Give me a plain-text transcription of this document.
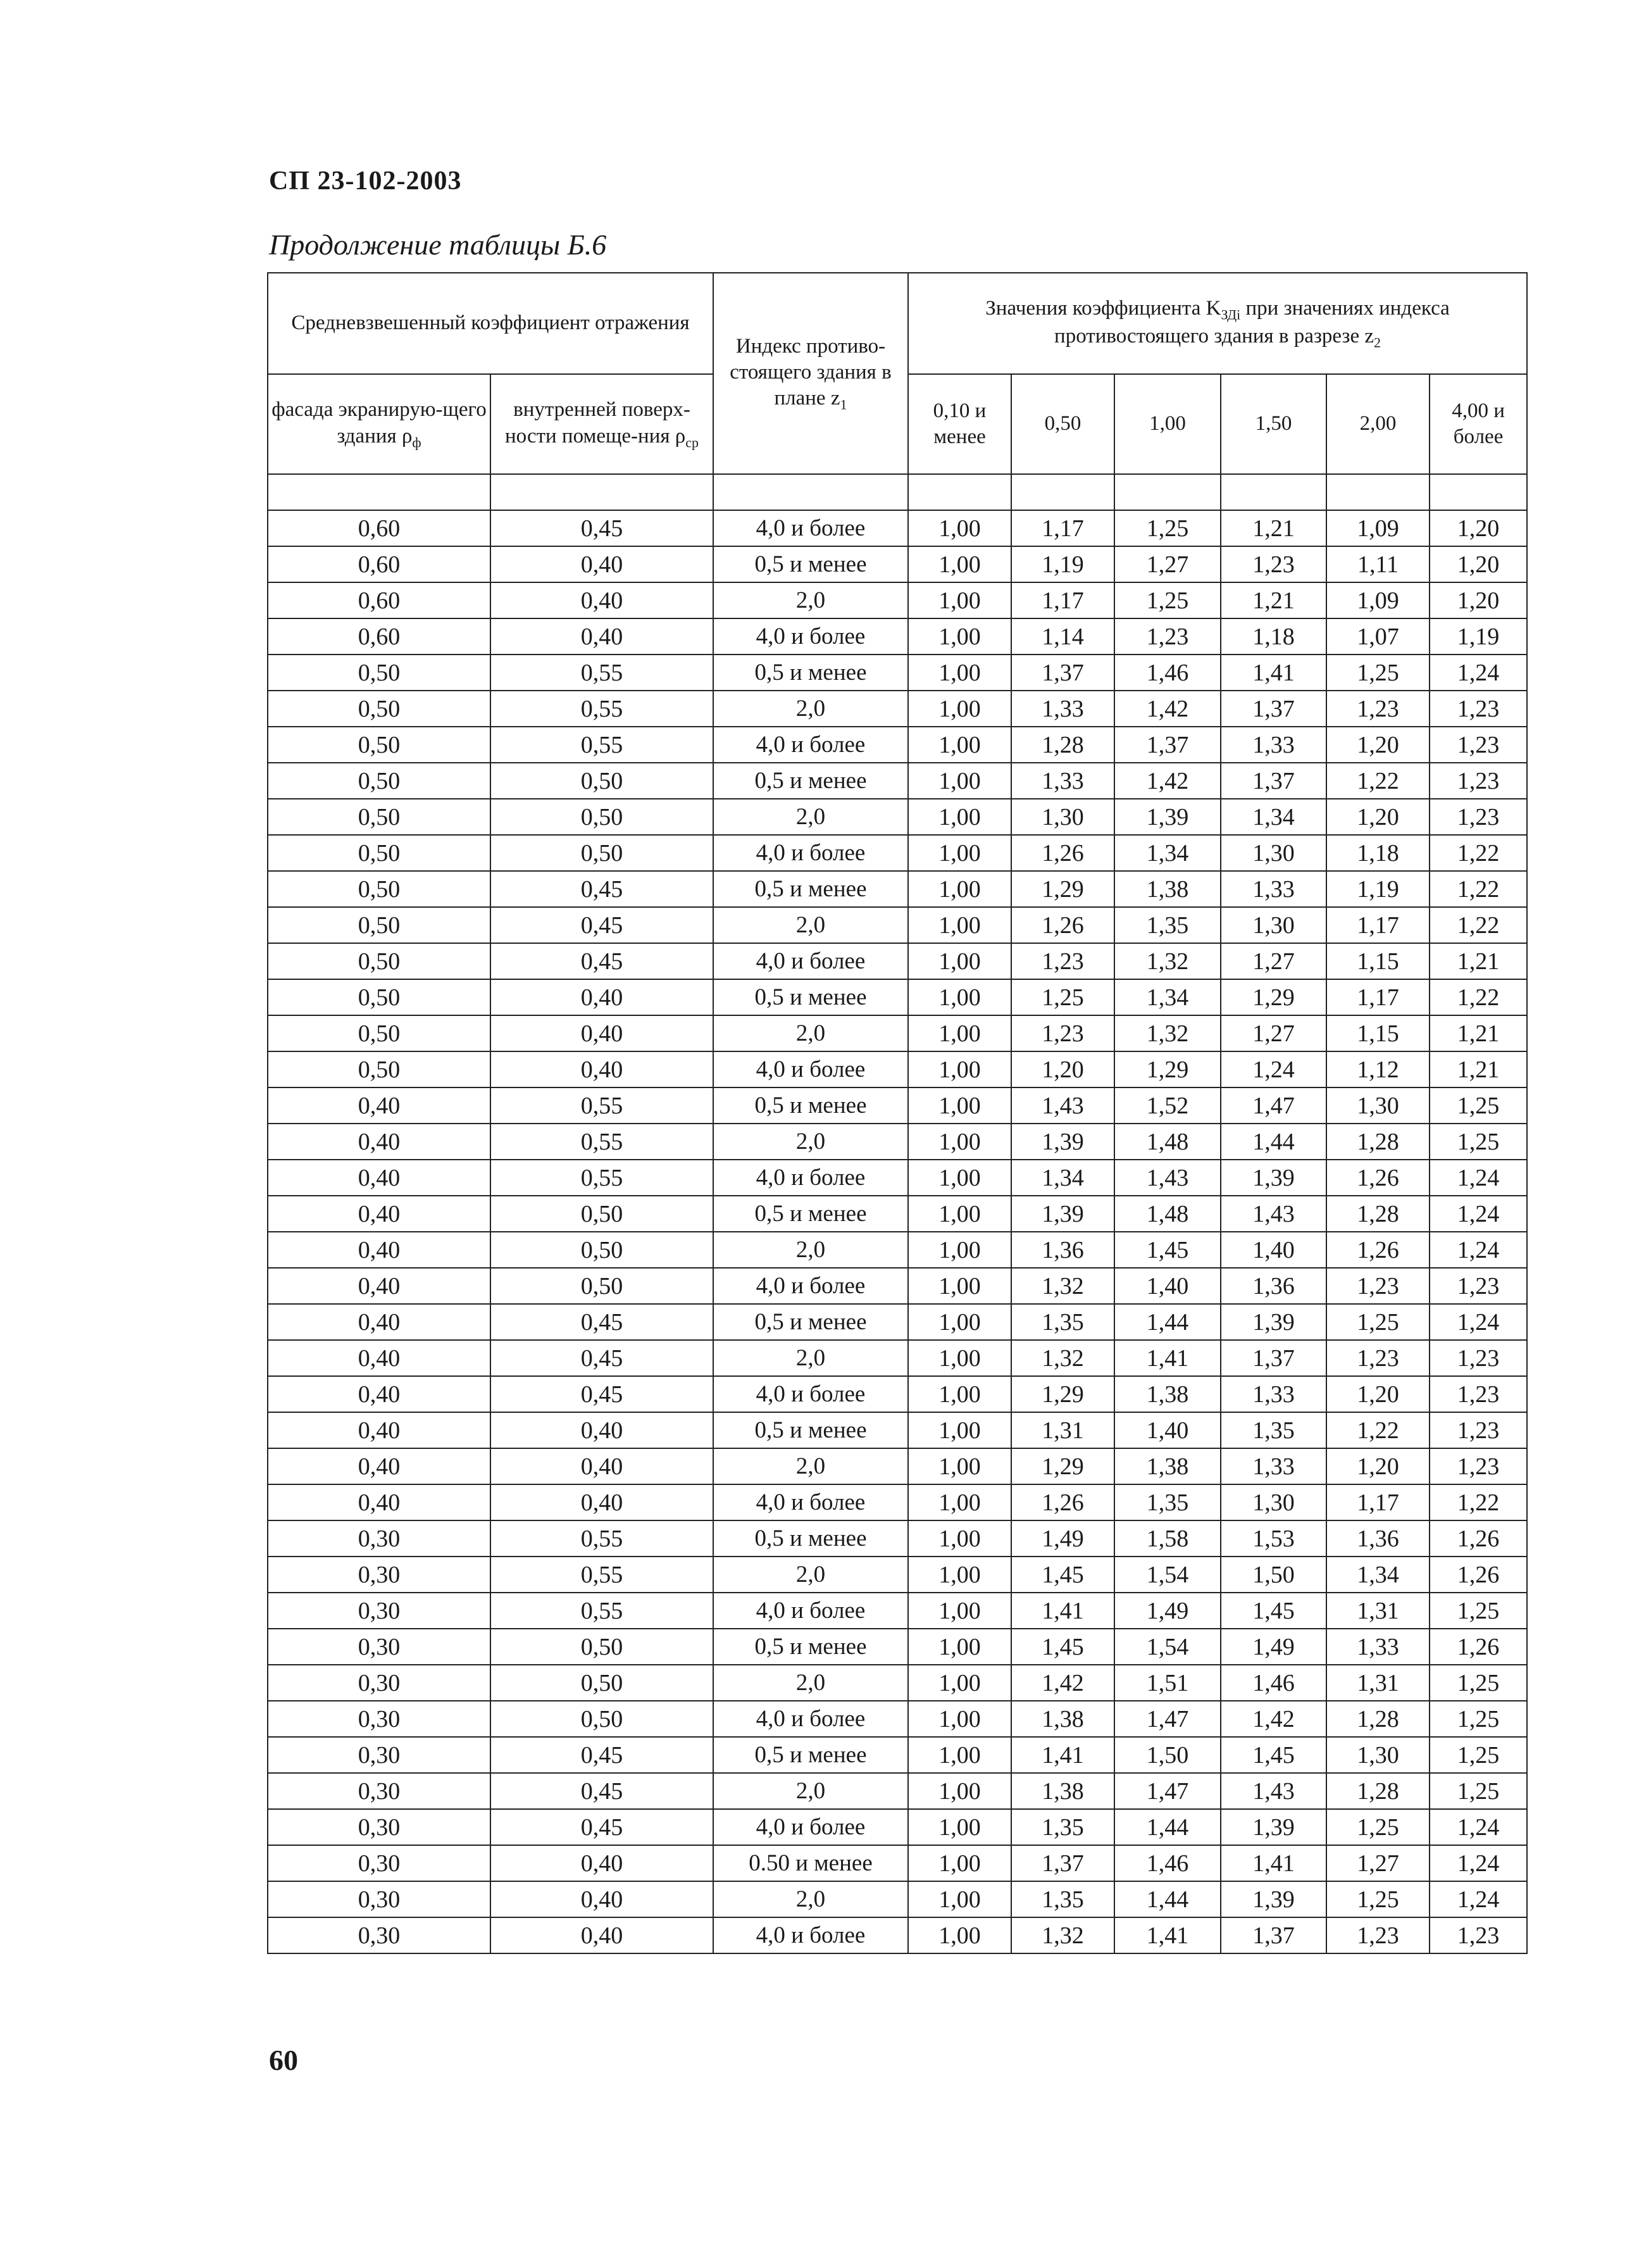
СП 23-102-2003
Продолжение таблицы Б.6
Средневзвешенный коэффициент отражения		Индекс противо-стоящего здания в плане $z_1$	Значения коэффициента $K_{ЗДi}$ при значениях индекса противостоящего здания в разрезе $z_2$
фасада экранирую-щего здания $\rho_ф$	внутренней поверх-ности помеще-ния $\rho_{ср}$		0,10 и менее	0,50	1,00	1,50	2,00	4,00 и более

0,60	0,45	4,0 и более	1,00	1,17	1,25	1,21	1,09	1,20
0,60	0,40	0,5 и менее	1,00	1,19	1,27	1,23	1,11	1,20
0,60	0,40	2,0	1,00	1,17	1,25	1,21	1,09	1,20
0,60	0,40	4,0 и более	1,00	1,14	1,23	1,18	1,07	1,19
0,50	0,55	0,5 и менее	1,00	1,37	1,46	1,41	1,25	1,24
0,50	0,55	2,0	1,00	1,33	1,42	1,37	1,23	1,23
0,50	0,55	4,0 и более	1,00	1,28	1,37	1,33	1,20	1,23
0,50	0,50	0,5 и менее	1,00	1,33	1,42	1,37	1,22	1,23
0,50	0,50	2,0	1,00	1,30	1,39	1,34	1,20	1,23
0,50	0,50	4,0 и более	1,00	1,26	1,34	1,30	1,18	1,22
0,50	0,45	0,5 и менее	1,00	1,29	1,38	1,33	1,19	1,22
0,50	0,45	2,0	1,00	1,26	1,35	1,30	1,17	1,22
0,50	0,45	4,0 и более	1,00	1,23	1,32	1,27	1,15	1,21
0,50	0,40	0,5 и менее	1,00	1,25	1,34	1,29	1,17	1,22
0,50	0,40	2,0	1,00	1,23	1,32	1,27	1,15	1,21
0,50	0,40	4,0 и более	1,00	1,20	1,29	1,24	1,12	1,21
0,40	0,55	0,5 и менее	1,00	1,43	1,52	1,47	1,30	1,25
0,40	0,55	2,0	1,00	1,39	1,48	1,44	1,28	1,25
0,40	0,55	4,0 и более	1,00	1,34	1,43	1,39	1,26	1,24
0,40	0,50	0,5 и менее	1,00	1,39	1,48	1,43	1,28	1,24
0,40	0,50	2,0	1,00	1,36	1,45	1,40	1,26	1,24
0,40	0,50	4,0 и более	1,00	1,32	1,40	1,36	1,23	1,23
0,40	0,45	0,5 и менее	1,00	1,35	1,44	1,39	1,25	1,24
0,40	0,45	2,0	1,00	1,32	1,41	1,37	1,23	1,23
0,40	0,45	4,0 и более	1,00	1,29	1,38	1,33	1,20	1,23
0,40	0,40	0,5 и менее	1,00	1,31	1,40	1,35	1,22	1,23
0,40	0,40	2,0	1,00	1,29	1,38	1,33	1,20	1,23
0,40	0,40	4,0 и более	1,00	1,26	1,35	1,30	1,17	1,22
0,30	0,55	0,5 и менее	1,00	1,49	1,58	1,53	1,36	1,26
0,30	0,55	2,0	1,00	1,45	1,54	1,50	1,34	1,26
0,30	0,55	4,0 и более	1,00	1,41	1,49	1,45	1,31	1,25
0,30	0,50	0,5 и менее	1,00	1,45	1,54	1,49	1,33	1,26
0,30	0,50	2,0	1,00	1,42	1,51	1,46	1,31	1,25
0,30	0,50	4,0 и более	1,00	1,38	1,47	1,42	1,28	1,25
0,30	0,45	0,5 и менее	1,00	1,41	1,50	1,45	1,30	1,25
0,30	0,45	2,0	1,00	1,38	1,47	1,43	1,28	1,25
0,30	0,45	4,0 и более	1,00	1,35	1,44	1,39	1,25	1,24
0,30	0,40	0.50 и менее	1,00	1,37	1,46	1,41	1,27	1,24
0,30	0,40	2,0	1,00	1,35	1,44	1,39	1,25	1,24
0,30	0,40	4,0 и более	1,00	1,32	1,41	1,37	1,23	1,23
60
